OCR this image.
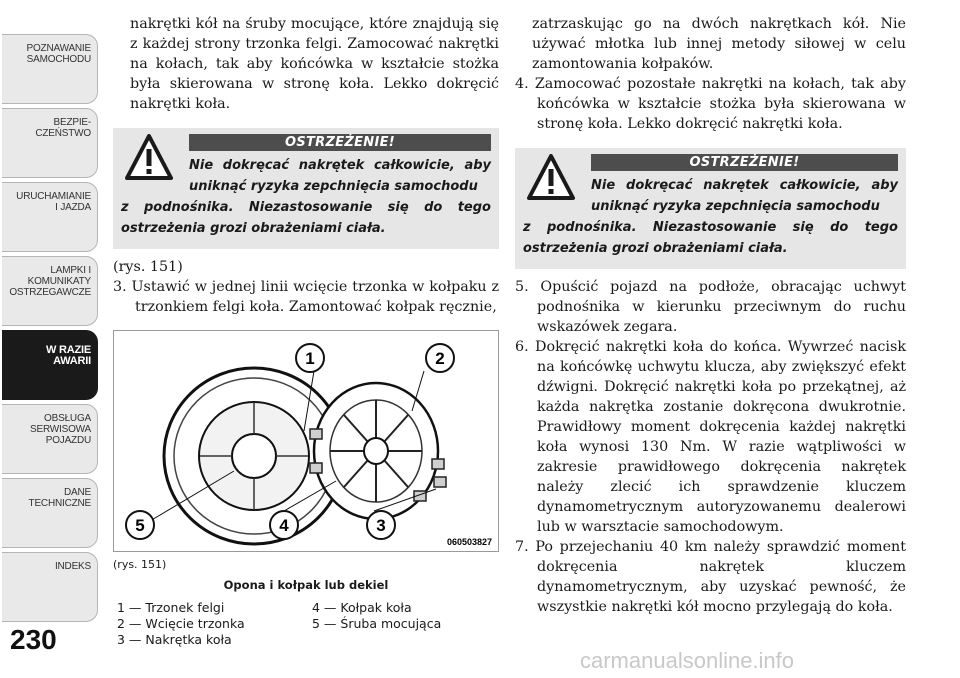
POZNAWANIE
SAMOCHODU
BEZPIE-
CZEŃSTWO
URUCHAMIANIE
I JAZDA
LAMPKI I
KOMUNIKATY
OSTRZEGAWCZE
W RAZIE
AWARII
OBSŁUGA
SERWISOWA
POJAZDU
DANE
TECHNICZNE
INDEKS
230

nakrętki kół na śruby mocujące, które znajdują się z każdej strony trzonka felgi. Zamocować nakrętki na kołach, tak aby końcówka w kształcie stożka była skierowana w stronę koła. Lekko dokręcić nakrętki koła.

OSTRZEŻENIE!
Nie dokręcać nakrętek całkowicie, aby uniknąć ryzyka zepchnięcia samochodu
z podnośnika. Niezastosowanie się do tego ostrzeżenia grozi obrażeniami ciała.

(rys. 151)

3. Ustawić w jednej linii wcięcie trzonka w kołpaku z trzonkiem felgi koła. Zamontować kołpak ręcznie,

1	2
3
4
5
060503827
(rys. 151)
Opona i kołpak lub dekiel
1 — Trzonek felgi	4 — Kołpak koła
2 — Wcięcie trzonka	5 — Śruba mocująca
3 — Nakrętka koła

zatrzaskując go na dwóch nakrętkach kół. Nie używać młotka lub innej metody siłowej w celu zamontowania kołpaków.

4. Zamocować pozostałe nakrętki na kołach, tak aby końcówka w kształcie stożka była skierowana w stronę koła. Lekko dokręcić nakrętki koła.

OSTRZEŻENIE!
Nie dokręcać nakrętek całkowicie, aby uniknąć ryzyka zepchnięcia samochodu
z podnośnika. Niezastosowanie się do tego ostrzeżenia grozi obrażeniami ciała.

5. Opuścić pojazd na podłoże, obracając uchwyt podnośnika w kierunku przeciwnym do ruchu wskazówek zegara.

6. Dokręcić nakrętki koła do końca. Wywrzeć nacisk na końcówkę uchwytu klucza, aby zwiększyć efekt dźwigni. Dokręcić nakrętki koła po przekątnej, aż każda nakrętka zostanie dokręcona dwukrotnie. Prawidłowy moment dokręcenia każdej nakrętki koła wynosi 130 Nm. W razie wątpliwości w zakresie prawidłowego dokręcenia nakrętek należy zlecić ich sprawdzenie kluczem dynamometrycznym autoryzowanemu dealerowi lub w warsztacie samochodowym.

7. Po przejechaniu 40 km należy sprawdzić moment dokręcenia nakrętek kluczem dynamometrycznym, aby uzyskać pewność, że wszystkie nakrętki kół mocno przylegają do koła.

carmanualsonline.info
